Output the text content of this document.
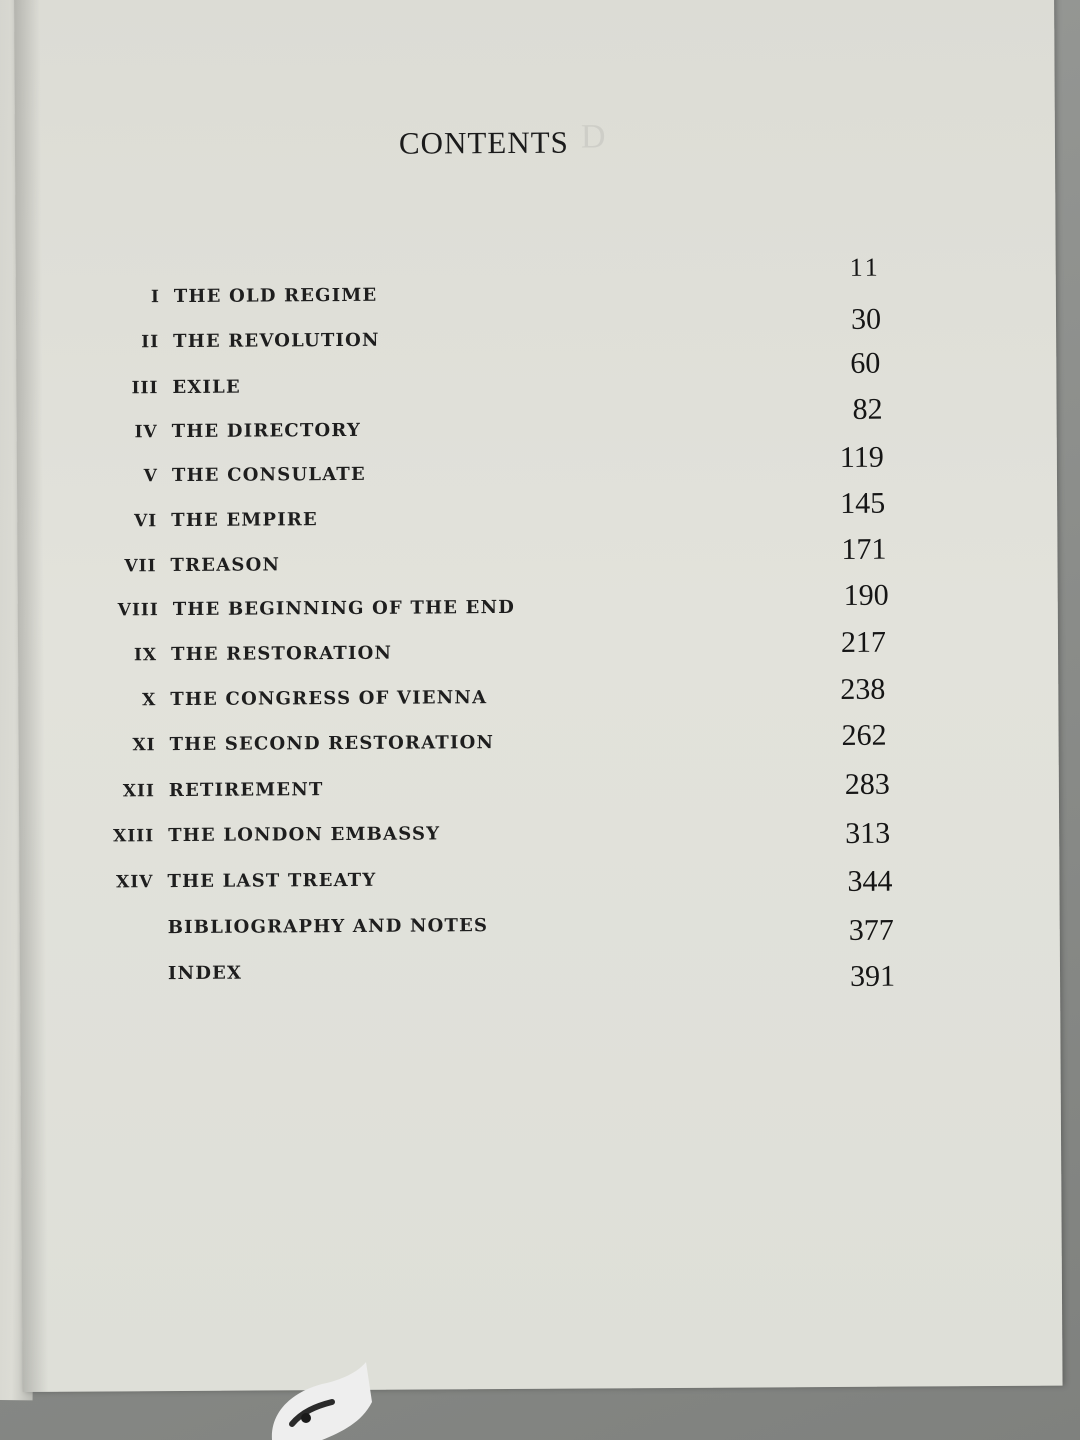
D
CONTENTS
11
I THE OLD REGIME
30
II THE REVOLUTION
60
III EXILE
82
IV THE DIRECTORY
119
V THE CONSULATE
145
VI THE EMPIRE
171
VII TREASON
190
VIII THE BEGINNING OF THE END
217
IX THE RESTORATION
238
X THE CONGRESS OF VIENNA
262
XI THE SECOND RESTORATION
283
XII RETIREMENT
313
XIII THE LONDON EMBASSY
344
XIV THE LAST TREATY
377
BIBLIOGRAPHY AND NOTES
391
INDEX
